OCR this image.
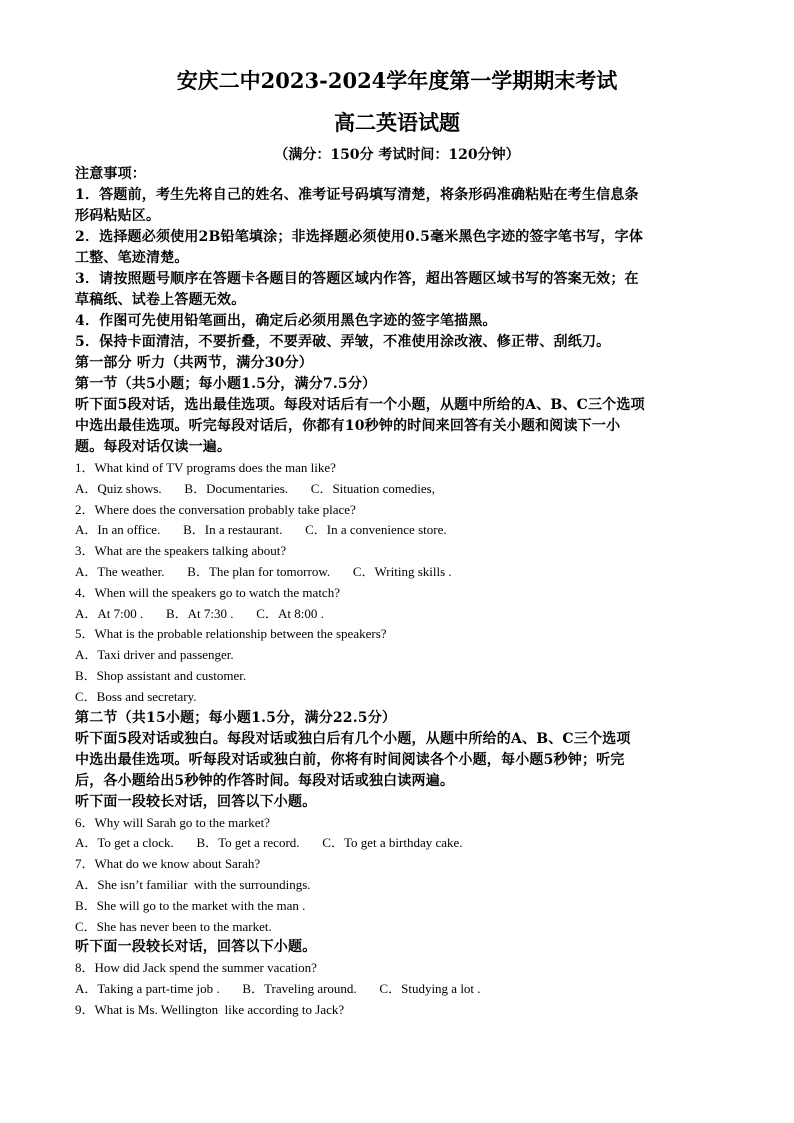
安庆二中2023-2024学年度第一学期期末考试
高二英语试题
（满分：150分 考试时间：120分钟）
注意事项：
1．答题前，考生先将自己的姓名、准考证号码填写清楚，将条形码准确粘贴在考生信息条
形码粘贴区。
2．选择题必须使用2B铅笔填涂；非选择题必须使用0.5毫米黑色字迹的签字笔书写，字体
工整、笔迹清楚。
3．请按照题号顺序在答题卡各题目的答题区域内作答，超出答题区域书写的答案无效；在
草稿纸、试卷上答题无效。
4．作图可先使用铅笔画出，确定后必须用黑色字迹的签字笔描黑。
5．保持卡面清洁，不要折叠，不要弄破、弄皱，不准使用涂改液、修正带、刮纸刀。
第一部分 听力（共两节，满分30分）
第一节（共5小题；每小题1.5分，满分7.5分）
听下面5段对话，选出最佳选项。每段对话后有一个小题，从题中所给的A、B、C三个选项
中选出最佳选项。听完每段对话后，你都有10秒钟的时间来回答有关小题和阅读下一小
题。每段对话仅读一遍。
1．What kind of TV programs does the man like?
A．Quiz shows.       B．Documentaries.       C．Situation comedies,
2．Where does the conversation probably take place?
A．In an office.       B．In a restaurant.       C．In a convenience store.
3．What are the speakers talking about?
A．The weather.       B．The plan for tomorrow.       C．Writing skills .
4．When will the speakers go to watch the match?
A．At 7:00 .       B．At 7:30 .       C．At 8:00 .
5．What is the probable relationship between the speakers?
A．Taxi driver and passenger.
B．Shop assistant and customer.
C．Boss and secretary.
第二节（共15小题；每小题1.5分，满分22.5分）
听下面5段对话或独白。每段对话或独白后有几个小题，从题中所给的A、B、C三个选项
中选出最佳选项。听每段对话或独白前，你将有时间阅读各个小题，每小题5秒钟；听完
后，各小题给出5秒钟的作答时间。每段对话或独白读两遍。
听下面一段较长对话，回答以下小题。
6．Why will Sarah go to the market?
A．To get a clock.       B．To get a record.       C．To get a birthday cake.
7．What do we know about Sarah?
A．She isn’t familiar  with the surroundings.
B．She will go to the market with the man .
C．She has never been to the market.
听下面一段较长对话，回答以下小题。
8．How did Jack spend the summer vacation?
A．Taking a part-time job .       B．Traveling around.       C．Studying a lot .
9．What is Ms. Wellington  like according to Jack?
